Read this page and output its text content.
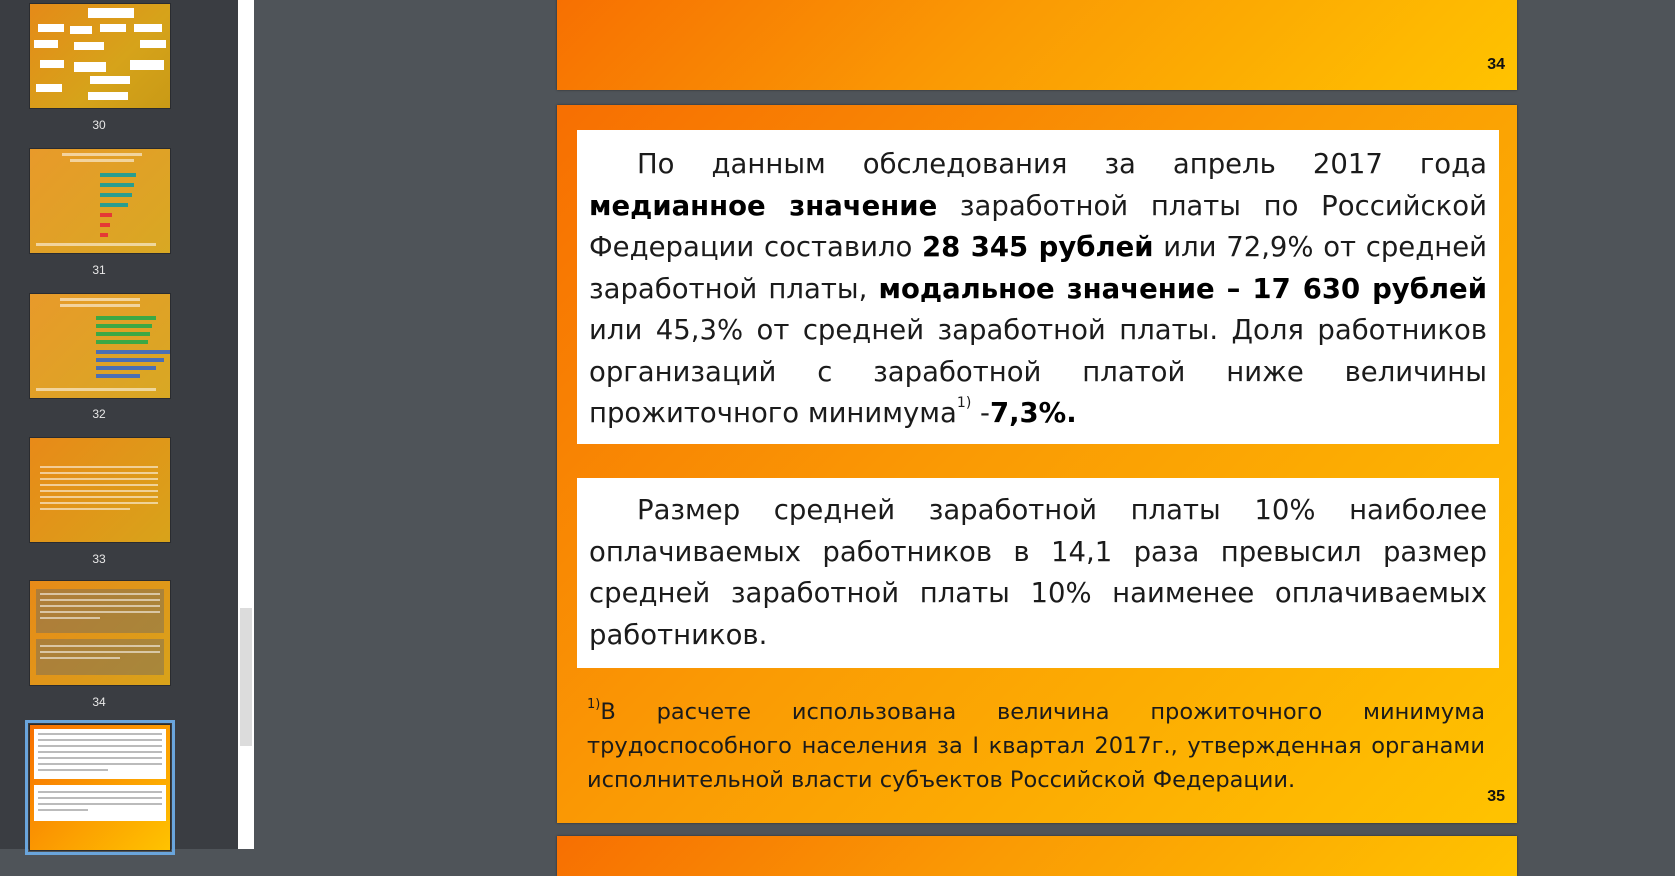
30
31
32
33
34
34
По данным обследования за апрель 2017 года медианное значение заработной платы по Российской Федерации составило 28 345 рублей или 72,9% от средней заработной платы, модальное значение – 17 630 рублей или 45,3% от средней заработной платы. Доля работников организаций с заработной платой ниже величины прожиточного минимума$^{1)}$ -7,3%.
Размер средней заработной платы 10% наиболее оплачиваемых работников в 14,1 раза превысил размер средней заработной платы 10% наименее оплачиваемых работников.
$^{1)}$В расчете использована величина прожиточного минимума трудоспособного населения за I квартал 2017г., утвержденная органами исполнительной власти субъектов Российской Федерации.
35
